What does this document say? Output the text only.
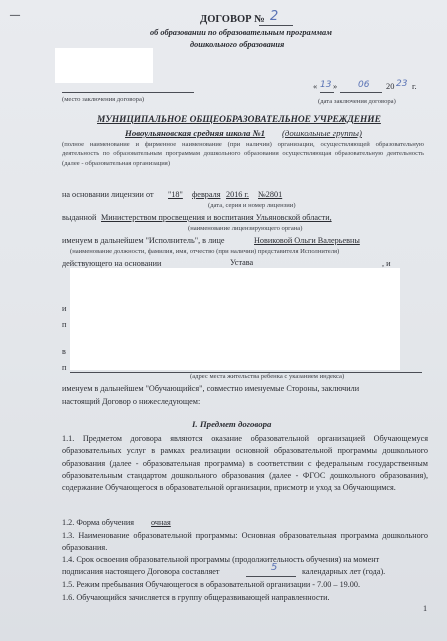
—	ДОГОВОР № 2
об образовании по образовательным программам
дошкольного образования
(место заключения договора)
« 13 » 06 20 23 г.
(дата заключения договора)
МУНИЦИПАЛЬНОЕ ОБЩЕОБРАЗОВАТЕЛЬНОЕ УЧРЕЖДЕНИЕ
Новоульяновская средняя школа №1 (дошкольные группы)
(полное наименование и фирменное наименование (при наличии) организации, осуществляющей образовательную деятельность по образовательным программам дошкольного образования осуществляющая образовательную деятельность (далее - образовательная организация)
на основании лицензии от "18" февраля 2016 г. №2801
(дата, серия и номер лицензии)
выданной Министерством просвещения и воспитания Ульяновской области,
(наименование лицензирующего органа)
именуем в дальнейшем "Исполнитель", в лице	Новиковой Ольги Валерьевны
(наименование должности, фамилия, имя, отчество (при наличии) представителя Исполнителя)
действующего на основании	Устава	, и
и
п
в
п
(адрес места жительства ребенка с указанием индекса)
именуем в дальнейшем "Обучающийся", совместно именуемые Стороны, заключили
настоящий Договор о нижеследующем:
I. Предмет договора
1.1. Предметом договора являются оказание образовательной организацией Обучающемуся образовательных услуг в рамках реализации основной образовательной программы дошкольного образования (далее - образовательная программа) в соответствии с федеральным государственным образовательным стандартом дошкольного образования (далее - ФГОС дошкольного образования), содержание Обучающегося в образовательной организации, присмотр и уход за Обучающимся.
1.2. Форма обучения очная
1.3. Наименование образовательной программы: Основная образовательная программа дошкольного образования.
1.4. Срок освоения образовательной программы (продолжительность обучения) на момент
подписания настоящего Договора составляет	5	календарных лет (года).
1.5. Режим пребывания Обучающегося в образовательной организации - 7.00 – 19.00.
1.6. Обучающийся зачисляется в группу общеразвивающей направленности.
1
